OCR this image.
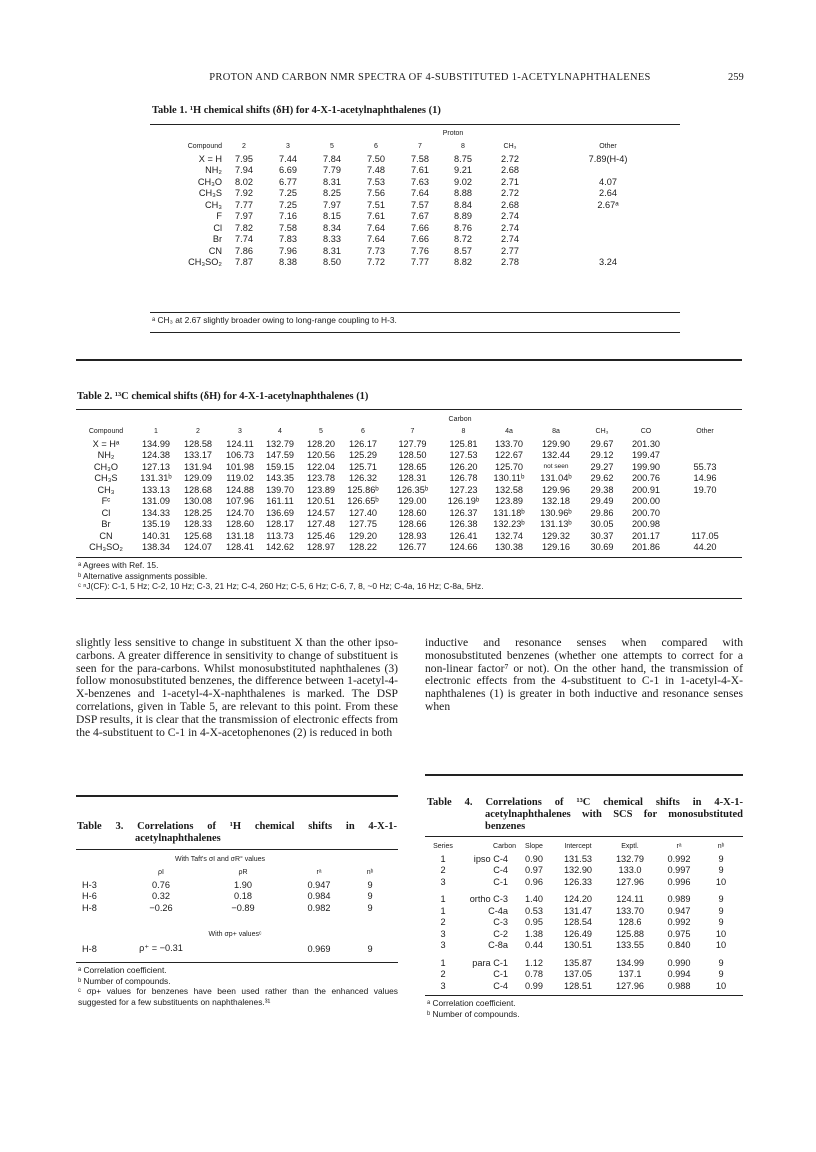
PROTON AND CARBON NMR SPECTRA OF 4-SUBSTITUTED 1-ACETYLNAPHTHALENES	259
Table 1. ¹H chemical shifts (δH) for 4-X-1-acetylnaphthalenes (1)
Proton
Compound	2	3	5	6	7	8	CH₃	Other
X = H	7.95	7.44	7.84	7.50	7.58	8.75	2.72	7.89(H-4)
NH₂	7.94	6.69	7.79	7.48	7.61	9.21	2.68	
CH₃O	8.02	6.77	8.31	7.53	7.63	9.02	2.71	4.07
CH₃S	7.92	7.25	8.25	7.56	7.64	8.88	2.72	2.64
CH₃	7.77	7.25	7.97	7.51	7.57	8.84	2.68	2.67ᵃ
F	7.97	7.16	8.15	7.61	7.67	8.89	2.74	
Cl	7.82	7.58	8.34	7.64	7.66	8.76	2.74	
Br	7.74	7.83	8.33	7.64	7.66	8.72	2.74	
CN	7.86	7.96	8.31	7.73	7.76	8.57	2.77	
CH₃SO₂	7.87	8.38	8.50	7.72	7.77	8.82	2.78	3.24
ᵃ CH₃ at 2.67 slightly broader owing to long-range coupling to H-3.
Table 2. ¹³C chemical shifts (δH) for 4-X-1-acetylnaphthalenes (1)
Carbon
Compound	1	2	3	4	5	6	7	8	4a	8a	CH₃	CO	Other
X = Hᵃ	134.99	128.58	124.11	132.79	128.20	126.17	127.79	125.81	133.70	129.90	29.67	201.30	
NH₂	124.38	133.17	106.73	147.59	120.56	125.29	128.50	127.53	122.67	132.44	29.12	199.47	
CH₃O	127.13	131.94	101.98	159.15	122.04	125.71	128.65	126.20	125.70	not seen	29.27	199.90	55.73
CH₃S	131.31ᵇ	129.09	119.02	143.35	123.78	126.32	128.31	126.78	130.11ᵇ	131.04ᵇ	29.62	200.76	14.96
CH₃	133.13	128.68	124.88	139.70	123.89	125.86ᵇ	126.35ᵇ	127.23	132.58	129.96	29.38	200.91	19.70
Fᶜ	131.09	130.08	107.96	161.11	120.51	126.65ᵇ	129.00	126.19ᵇ	123.89	132.18	29.49	200.00	
Cl	134.33	128.25	124.70	136.69	124.57	127.40	128.60	126.37	131.18ᵇ	130.96ᵇ	29.86	200.70	
Br	135.19	128.33	128.60	128.17	127.48	127.75	128.66	126.38	132.23ᵇ	131.13ᵇ	30.05	200.98	
CN	140.31	125.68	131.18	113.73	125.46	129.20	128.93	126.41	132.74	129.32	30.37	201.17	117.05
CH₃SO₂	138.34	124.07	128.41	142.62	128.97	128.22	126.77	124.66	130.38	129.16	30.69	201.86	44.20
ᵃ Agrees with Ref. 15.
ᵇ Alternative assignments possible.
ᶜ ⁿJ(CF): C-1, 5 Hz; C-2, 10 Hz; C-3, 21 Hz; C-4, 260 Hz; C-5, 6 Hz; C-6, 7, 8, ~0 Hz; C-4a, 16 Hz; C-8a, 5Hz.
slightly less sensitive to change in substituent X than the other ipso-carbons. A greater difference in sensitivity to change of substituent is seen for the para-carbons. Whilst monosubstituted naphthalenes (3) follow monosubstituted benzenes, the difference between 1-acetyl-4-X-benzenes and 1-acetyl-4-X-naphthalenes is marked. The DSP correlations, given in Table 5, are relevant to this point. From these DSP results, it is clear that the transmission of electronic effects from the 4-substituent to C-1 in 4-X-acetophenones (2) is reduced in both
inductive and resonance senses when compared with monosubstituted benzenes (whether one attempts to correct for a non-linear factor⁷ or not). On the other hand, the transmission of electronic effects from the 4-substituent to C-1 in 1-acetyl-4-X-naphthalenes (1) is greater in both inductive and resonance senses when
Table 3. Correlations of ¹H chemical shifts in 4-X-1-
acetylnaphthalenes
With Taft's σI and σR° values
	ρI	ρR	rᵃ	nᵇ
H-3	0.76	1.90	0.947	9
H-6	0.32	0.18	0.984	9
H-8	−0.26	−0.89	0.982	9
With σp+ valuesᶜ
H-8	ρ⁺ = −0.31		0.969	9
ᵃ Correlation coefficient.
ᵇ Number of compounds.
ᶜ σp+ values for benzenes have been used rather than the enhanced values suggested for a few substituents on naphthalenes.³¹
Table 4. Correlations of ¹³C chemical shifts in 4-X-1-
acetylnaphthalenes with SCS for monosubstituted
benzenes
Series	Carbon	Slope	Intercept	Exptl.	rᵃ	nᵇ
1	ipso C-4	0.90	131.53	132.79	0.992	9
2	C-4	0.97	132.90	133.0	0.997	9
3	C-1	0.96	126.33	127.96	0.996	10

1	ortho C-3	1.40	124.20	124.11	0.989	9
1	C-4a	0.53	131.47	133.70	0.947	9
2	C-3	0.95	128.54	128.6	0.992	9
3	C-2	1.38	126.49	125.88	0.975	10
3	C-8a	0.44	130.51	133.55	0.840	10

1	para C-1	1.12	135.87	134.99	0.990	9
2	C-1	0.78	137.05	137.1	0.994	9
3	C-4	0.99	128.51	127.96	0.988	10
ᵃ Correlation coefficient.
ᵇ Number of compounds.
